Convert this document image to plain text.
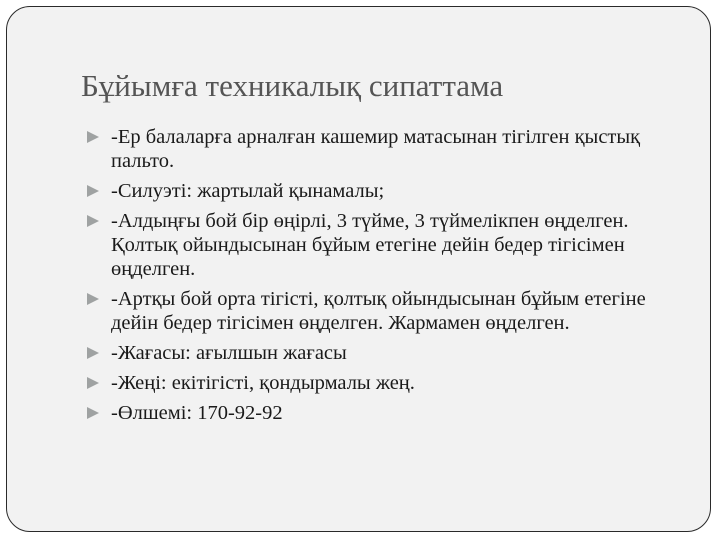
Бұйымға техникалық сипаттама
-Ер балаларға арналған кашемир матасынан тігілген қыстық пальто.
-Силуэті: жартылай қынамалы;
-Алдыңғы бой бір өңірлі, 3 түйме, 3 түймелікпен өңделген. Қолтық ойындысынан бұйым етегіне дейін бедер тігісімен өңделген.
-Артқы бой орта тігісті, қолтық ойындысынан бұйым етегіне дейін бедер тігісімен өңделген. Жармамен өңделген.
-Жағасы: ағылшын жағасы
-Жеңі: екітігісті, қондырмалы жең.
-Өлшемі: 170-92-92
